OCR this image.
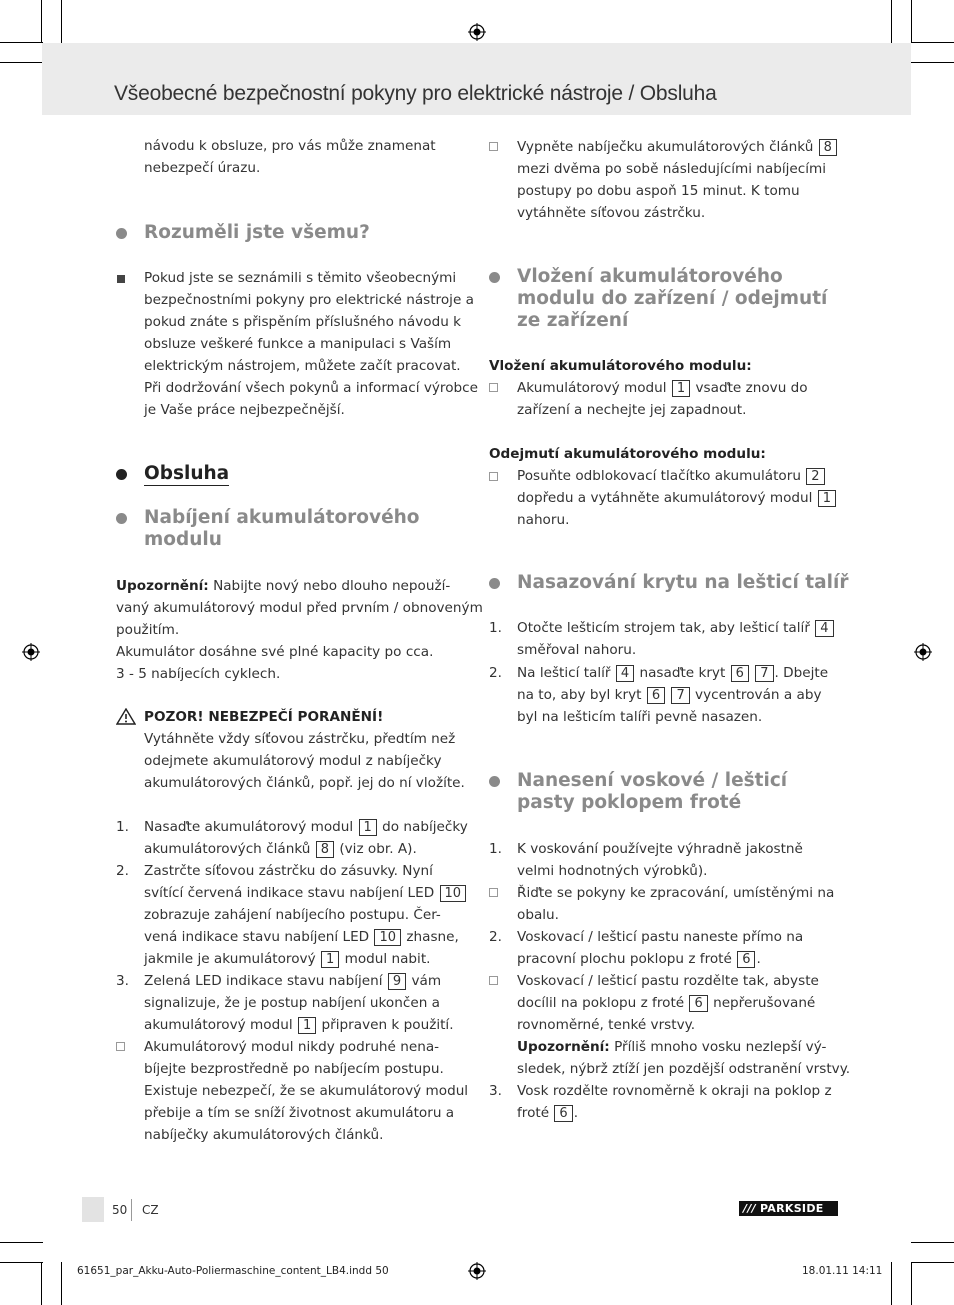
Všeobecné bezpečnostní pokyny pro elektrické nástroje / Obsluha
návodu k obsluze, pro vás může znamenat
nebezpečí úrazu.
Rozuměli jste všemu?
Pokud jste se seznámili s těmito všeobecnými
bezpečnostními pokyny pro elektrické nástroje a
pokud znáte s přispěním příslušného návodu k
obsluze veškeré funkce a manipulaci s Vaším
elektrickým nástrojem, můžete začít pracovat.
Při dodržování všech pokynů a informací výrobce
je Vaše práce nejbezpečnější.
Obsluha
Nabíjení akumulátorového
modulu
Upozornění: Nabijte nový nebo dlouho nepouží-
vaný akumulátorový modul před prvním / obnoveným
použitím.
Akumulátor dosáhne své plné kapacity po cca.
3 - 5 nabíjecích cyklech.
POZOR! NEBEZPEČÍ PORANĚNÍ!
Vytáhněte vždy síťovou zástrčku, předtím než
odejmete akumulátorový modul z nabíječky
akumulátorových článků, popř. jej do ní vložíte.
1. Nasaďte akumulátorový modul 1 do nabíječky
akumulátorových článků 8 (viz obr. A).
2. Zastrčte síťovou zástrčku do zásuvky. Nyní
svítící červená indikace stavu nabíjení LED 10
zobrazuje zahájení nabíjecího postupu. Čer-
vená indikace stavu nabíjení LED 10 zhasne,
jakmile je akumulátorový 1 modul nabit.
3. Zelená LED indikace stavu nabíjení 9 vám
signalizuje, že je postup nabíjení ukončen a
akumulátorový modul 1 připraven k použití.
Akumulátorový modul nikdy podruhé nena-
bíjejte bezprostředně po nabíjecím postupu.
Existuje nebezpečí, že se akumulátorový modul
přebije a tím se sníží životnost akumulátoru a
nabíječky akumulátorových článků.
Vypněte nabíječku akumulátorových článků 8
mezi dvěma po sobě následujícími nabíjecími
postupy po dobu aspoň 15 minut. K tomu
vytáhněte síťovou zástrčku.
Vložení akumulátorového
modulu do zařízení / odejmutí
ze zařízení
Vložení akumulátorového modulu:
Akumulátorový modul 1 vsaďte znovu do
zařízení a nechejte jej zapadnout.
Odejmutí akumulátorového modulu:
Posuňte odblokovací tlačítko akumulátoru 2
dopředu a vytáhněte akumulátorový modul 1
nahoru.
Nasazování krytu na lešticí talíř
1. Otočte lešticím strojem tak, aby lešticí talíř 4
směřoval nahoru.
2. Na lešticí talíř 4 nasaďte kryt 6 7 . Dbejte
na to, aby byl kryt 6 7 vycentrován a aby
byl na lešticím talíři pevně nasazen.
Nanesení voskové / lešticí
pasty poklopem froté
1. K voskování používejte výhradně jakostně
velmi hodnotných výrobků).
Řiďte se pokyny ke zpracování, umístěnými na
obalu.
2. Voskovací / lešticí pastu naneste přímo na
pracovní plochu poklopu z froté 6 .
Voskovací / lešticí pastu rozdělte tak, abyste
docílil na poklopu z froté 6 nepřerušované
rovnoměrné, tenké vrstvy.
Upozornění: Příliš mnoho vosku nezlepší vý-
sledek, nýbrž ztíží jen pozdější odstranění vrstvy.
3. Vosk rozdělte rovnoměrně k okraji na poklop z
froté 6 .
50 CZ	/// PARKSIDE
61651_par_Akku-Auto-Poliermaschine_content_LB4.indd 50	18.01.11 14:11
